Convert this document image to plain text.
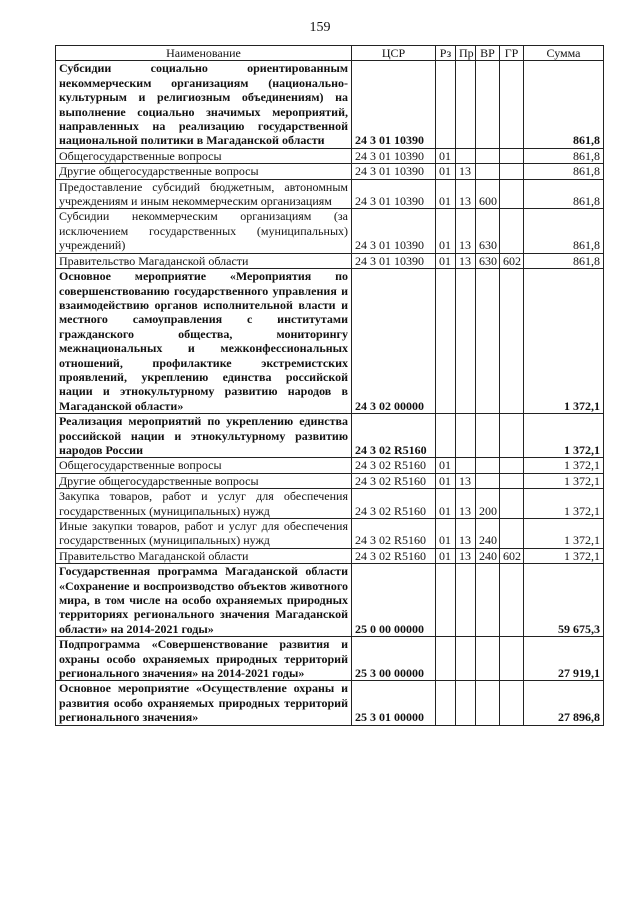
159
Наименование	ЦСР	Рз	Пр	ВР	ГР	Сумма
Субсидии социально ориентированным некоммерческим организациям (национально-культурным и религиозным объединениям) на выполнение социально значимых мероприятий, направленных на реализацию государственной национальной политики в Магаданской области	24 3 01 10390					861,8
Общегосударственные вопросы	24 3 01 10390	01				861,8
Другие общегосударственные вопросы	24 3 01 10390	01	13			861,8
Предоставление субсидий бюджетным, автономным учреждениям и иным некоммерческим организациям	24 3 01 10390	01	13	600		861,8
Субсидии некоммерческим организациям (за исключением государственных (муниципальных) учреждений)	24 3 01 10390	01	13	630		861,8
Правительство Магаданской области	24 3 01 10390	01	13	630	602	861,8
Основное мероприятие «Мероприятия по совершенствованию государственного управления и взаимодействию органов исполнительной власти и местного самоуправления с институтами гражданского общества, мониторингу межнациональных и межконфессиональных отношений, профилактике экстремистских проявлений, укреплению единства российской нации и этнокультурному развитию народов в Магаданской области»	24 3 02 00000					1 372,1
Реализация мероприятий по укреплению единства российской нации и этнокультурному развитию народов России	24 3 02 R5160					1 372,1
Общегосударственные вопросы	24 3 02 R5160	01				1 372,1
Другие общегосударственные вопросы	24 3 02 R5160	01	13			1 372,1
Закупка товаров, работ и услуг для обеспечения государственных (муниципальных) нужд	24 3 02 R5160	01	13	200		1 372,1
Иные закупки товаров, работ и услуг для обеспечения государственных (муниципальных) нужд	24 3 02 R5160	01	13	240		1 372,1
Правительство Магаданской области	24 3 02 R5160	01	13	240	602	1 372,1
Государственная программа Магаданской области «Сохранение и воспроизводство объектов животного мира, в том числе на особо охраняемых природных территориях регионального значения Магаданской области» на 2014-2021 годы»	25 0 00 00000					59 675,3
Подпрограмма «Совершенствование развития и охраны особо охраняемых природных территорий регионального значения» на 2014-2021 годы»	25 3 00 00000					27 919,1
Основное мероприятие «Осуществление охраны и развития особо охраняемых природных территорий регионального значения»	25 3 01 00000					27 896,8
